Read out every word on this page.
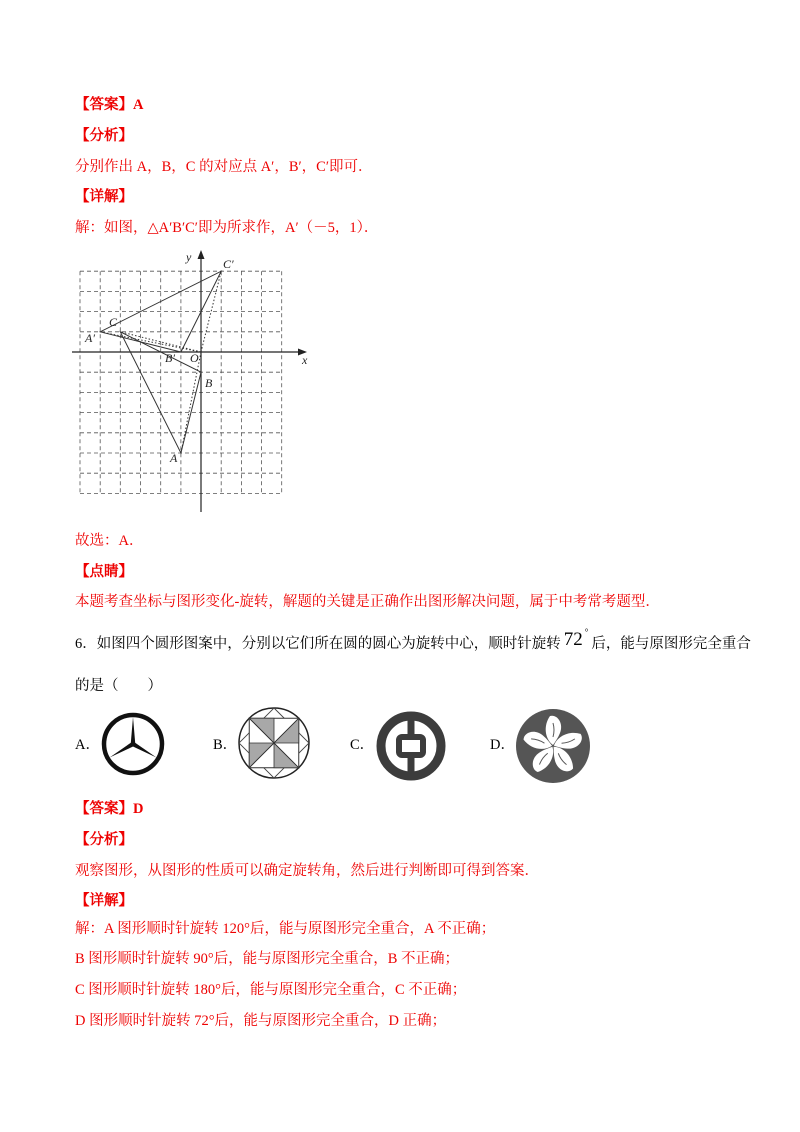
【答案】A
【分析】
分别作出 A，B，C 的对应点 A′，B′，C′即可．
【详解】
解：如图，△A′B′C′即为所求作，A′（－5，1）．
y
x
O
C′
C
A′
B′
B
A
故选：A．
【点睛】
本题考查坐标与图形变化-旋转，解题的关键是正确作出图形解决问题，属于中考常考题型．
6．如图四个圆形图案中，分别以它们所在圆的圆心为旋转中心，顺时针旋转 72 °后，能与原图形完全重合
的是（　　）
A．	B．	C．	D．
【答案】D
【分析】
观察图形，从图形的性质可以确定旋转角，然后进行判断即可得到答案．
【详解】
解：A 图形顺时针旋转 120°后，能与原图形完全重合，A 不正确；
B 图形顺时针旋转 90°后，能与原图形完全重合，B 不正确；
C 图形顺时针旋转 180°后，能与原图形完全重合，C 不正确；
D 图形顺时针旋转 72°后，能与原图形完全重合，D 正确；
